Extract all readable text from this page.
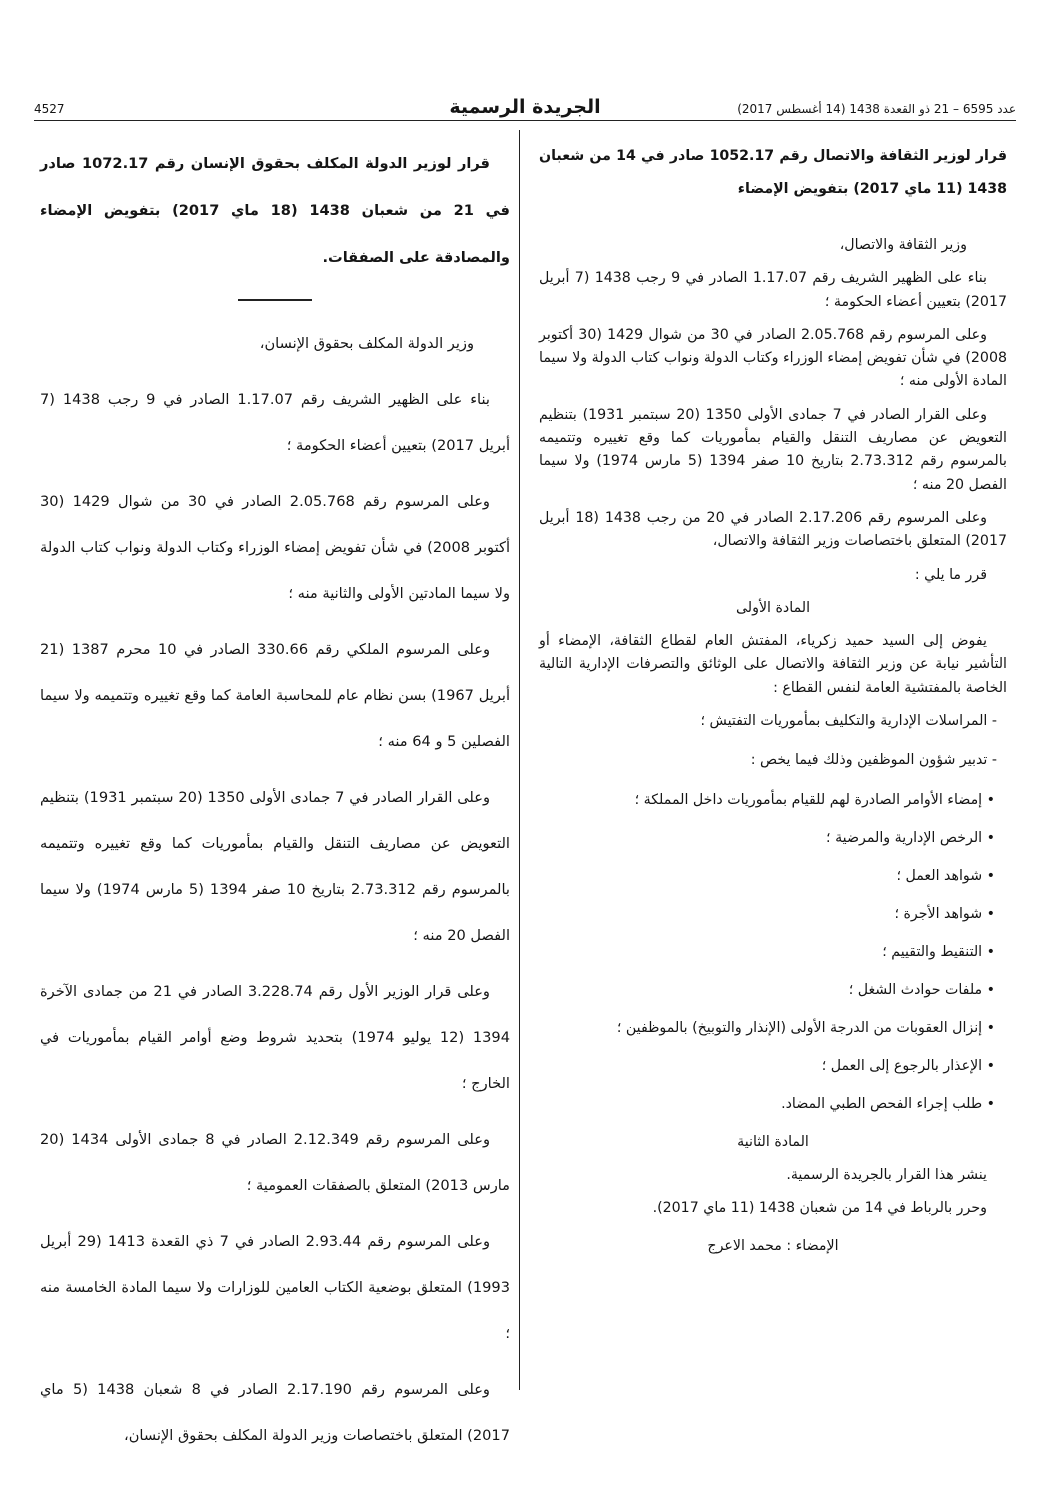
عدد 6595 – 21 ذو القعدة 1438 (14 أغسطس 2017)
الجريدة الرسمية
4527

قرار لوزير الثقافة والاتصال رقم 1052.17 صادر في 14 من شعبان 1438 (11 ماي 2017) بتفويض الإمضاء

وزير الثقافة والاتصال،

بناء على الظهير الشريف رقم 1.17.07 الصادر في 9 رجب 1438 (7 أبريل 2017) بتعيين أعضاء الحكومة ؛

وعلى المرسوم رقم 2.05.768 الصادر في 30 من شوال 1429 (30 أكتوبر 2008) في شأن تفويض إمضاء الوزراء وكتاب الدولة ونواب كتاب الدولة ولا سيما المادة الأولى منه ؛

وعلى القرار الصادر في 7 جمادى الأولى 1350 (20 سبتمبر 1931) بتنظيم التعويض عن مصاريف التنقل والقيام بمأموريات كما وقع تغييره وتتميمه بالمرسوم رقم 2.73.312 بتاريخ 10 صفر 1394 (5 مارس 1974) ولا سيما الفصل 20 منه ؛

وعلى المرسوم رقم 2.17.206 الصادر في 20 من رجب 1438 (18 أبريل 2017) المتعلق باختصاصات وزير الثقافة والاتصال،

قرر ما يلي :

المادة الأولى

يفوض إلى السيد حميد زكرياء، المفتش العام لقطاع الثقافة، الإمضاء أو التأشير نيابة عن وزير الثقافة والاتصال على الوثائق والتصرفات الإدارية التالية الخاصة بالمفتشية العامة لنفس القطاع :

- المراسلات الإدارية والتكليف بمأموريات التفتيش ؛
- تدبير شؤون الموظفين وذلك فيما يخص :
• إمضاء الأوامر الصادرة لهم للقيام بمأموريات داخل المملكة ؛
• الرخص الإدارية والمرضية ؛
• شواهد العمل ؛
• شواهد الأجرة ؛
• التنقيط والتقييم ؛
• ملفات حوادث الشغل ؛
• إنزال العقوبات من الدرجة الأولى (الإنذار والتوبيخ) بالموظفين ؛
• الإعذار بالرجوع إلى العمل ؛
• طلب إجراء الفحص الطبي المضاد.

المادة الثانية

ينشر هذا القرار بالجريدة الرسمية.

وحرر بالرباط في 14 من شعبان 1438 (11 ماي 2017).

الإمضاء : محمد الاعرج

قرار لوزير الدولة المكلف بحقوق الإنسان رقم 1072.17 صادر في 21 من شعبان 1438 (18 ماي 2017) بتفويض الإمضاء والمصادقة على الصفقات.

وزير الدولة المكلف بحقوق الإنسان،

بناء على الظهير الشريف رقم 1.17.07 الصادر في 9 رجب 1438 (7 أبريل 2017) بتعيين أعضاء الحكومة ؛

وعلى المرسوم رقم 2.05.768 الصادر في 30 من شوال 1429 (30 أكتوبر 2008) في شأن تفويض إمضاء الوزراء وكتاب الدولة ونواب كتاب الدولة ولا سيما المادتين الأولى والثانية منه ؛

وعلى المرسوم الملكي رقم 330.66 الصادر في 10 محرم 1387 (21 أبريل 1967) بسن نظام عام للمحاسبة العامة كما وقع تغييره وتتميمه ولا سيما الفصلين 5 و 64 منه ؛

وعلى القرار الصادر في 7 جمادى الأولى 1350 (20 سبتمبر 1931) بتنظيم التعويض عن مصاريف التنقل والقيام بمأموريات كما وقع تغييره وتتميمه بالمرسوم رقم 2.73.312 بتاريخ 10 صفر 1394 (5 مارس 1974) ولا سيما الفصل 20 منه ؛

وعلى قرار الوزير الأول رقم 3.228.74 الصادر في 21 من جمادى الآخرة 1394 (12 يوليو 1974) بتحديد شروط وضع أوامر القيام بمأموريات في الخارج ؛

وعلى المرسوم رقم 2.12.349 الصادر في 8 جمادى الأولى 1434 (20 مارس 2013) المتعلق بالصفقات العمومية ؛

وعلى المرسوم رقم 2.93.44 الصادر في 7 ذي القعدة 1413 (29 أبريل 1993) المتعلق بوضعية الكتاب العامين للوزارات ولا سيما المادة الخامسة منه ؛

وعلى المرسوم رقم 2.17.190 الصادر في 8 شعبان 1438 (5 ماي 2017) المتعلق باختصاصات وزير الدولة المكلف بحقوق الإنسان،
